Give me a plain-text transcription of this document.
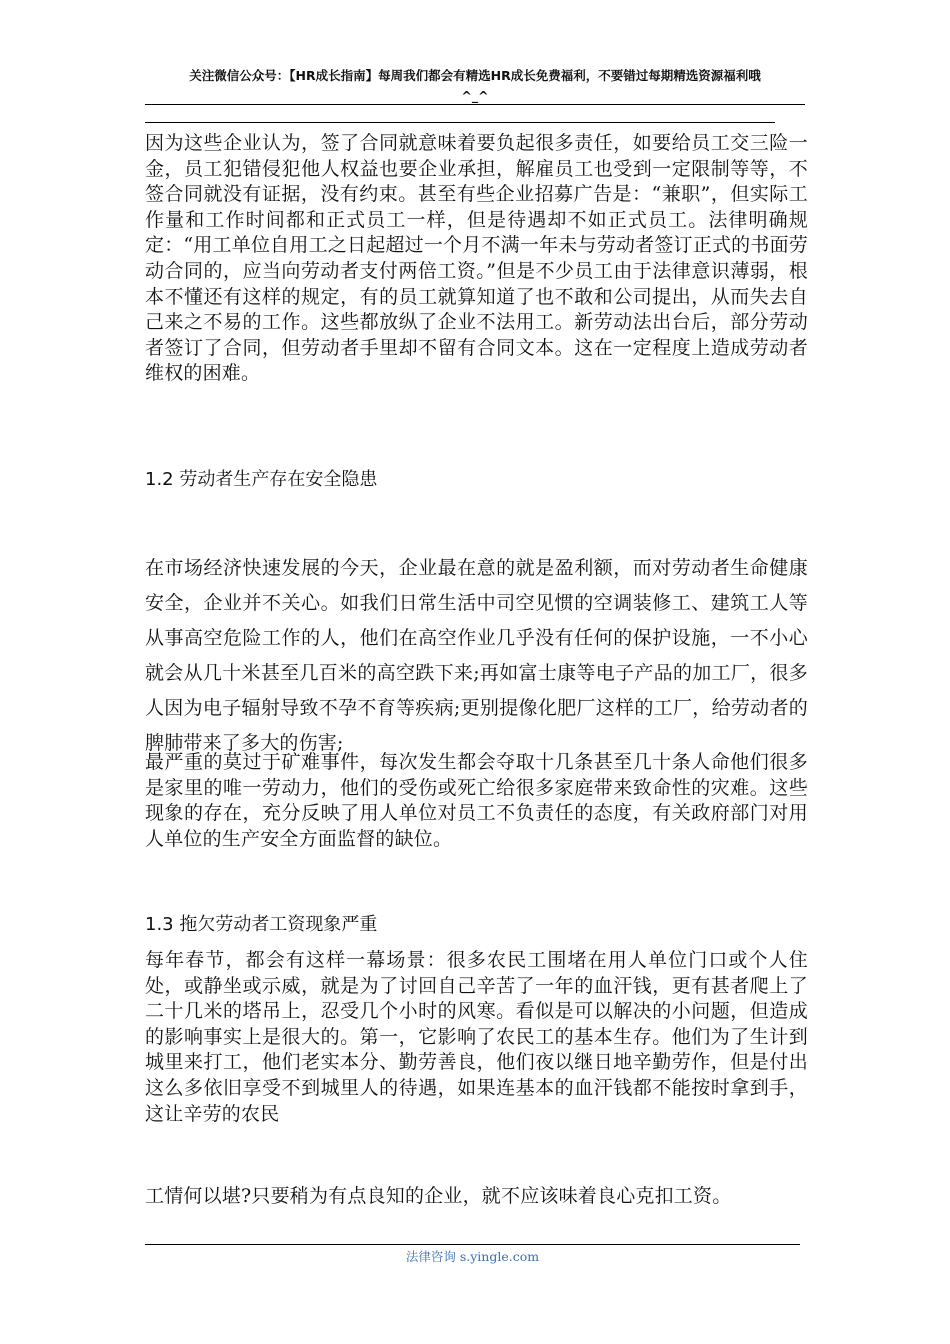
关注微信公众号：【HR成长指南】每周我们都会有精选HR成长免费福利，不要错过每期精选资源福利哦
^_^

因为这些企业认为，签了合同就意味着要负起很多责任，如要给员工交三险一金，员工犯错侵犯他人权益也要企业承担，解雇员工也受到一定限制等等，不签合同就没有证据，没有约束。甚至有些企业招募广告是：“兼职”，但实际工作量和工作时间都和正式员工一样，但是待遇却不如正式员工。法律明确规定：“用工单位自用工之日起超过一个月不满一年未与劳动者签订正式的书面劳动合同的，应当向劳动者支付两倍工资。”但是不少员工由于法律意识薄弱，根本不懂还有这样的规定，有的员工就算知道了也不敢和公司提出，从而失去自己来之不易的工作。这些都放纵了企业不法用工。新劳动法出台后，部分劳动者签订了合同，但劳动者手里却不留有合同文本。这在一定程度上造成劳动者维权的困难。

1.2 劳动者生产存在安全隐患

在市场经济快速发展的今天，企业最在意的就是盈利额，而对劳动者生命健康安全，企业并不关心。如我们日常生活中司空见惯的空调装修工、建筑工人等从事高空危险工作的人，他们在高空作业几乎没有任何的保护设施，一不小心就会从几十米甚至几百米的高空跌下来;再如富士康等电子产品的加工厂，很多人因为电子辐射导致不孕不育等疾病;更别提像化肥厂这样的工厂，给劳动者的脾肺带来了多大的伤害;

最严重的莫过于矿难事件，每次发生都会夺取十几条甚至几十条人命他们很多是家里的唯一劳动力，他们的受伤或死亡给很多家庭带来致命性的灾难。这些现象的存在，充分反映了用人单位对员工不负责任的态度，有关政府部门对用人单位的生产安全方面监督的缺位。

1.3 拖欠劳动者工资现象严重

每年春节，都会有这样一幕场景：很多农民工围堵在用人单位门口或个人住处，或静坐或示威，就是为了讨回自己辛苦了一年的血汗钱，更有甚者爬上了二十几米的塔吊上，忍受几个小时的风寒。看似是可以解决的小问题，但造成的影响事实上是很大的。第一，它影响了农民工的基本生存。他们为了生计到城里来打工，他们老实本分、勤劳善良，他们夜以继日地辛勤劳作，但是付出这么多依旧享受不到城里人的待遇，如果连基本的血汗钱都不能按时拿到手，这让辛劳的农民

工情何以堪?只要稍为有点良知的企业，就不应该味着良心克扣工资。

法律咨询 s.yingle.com
